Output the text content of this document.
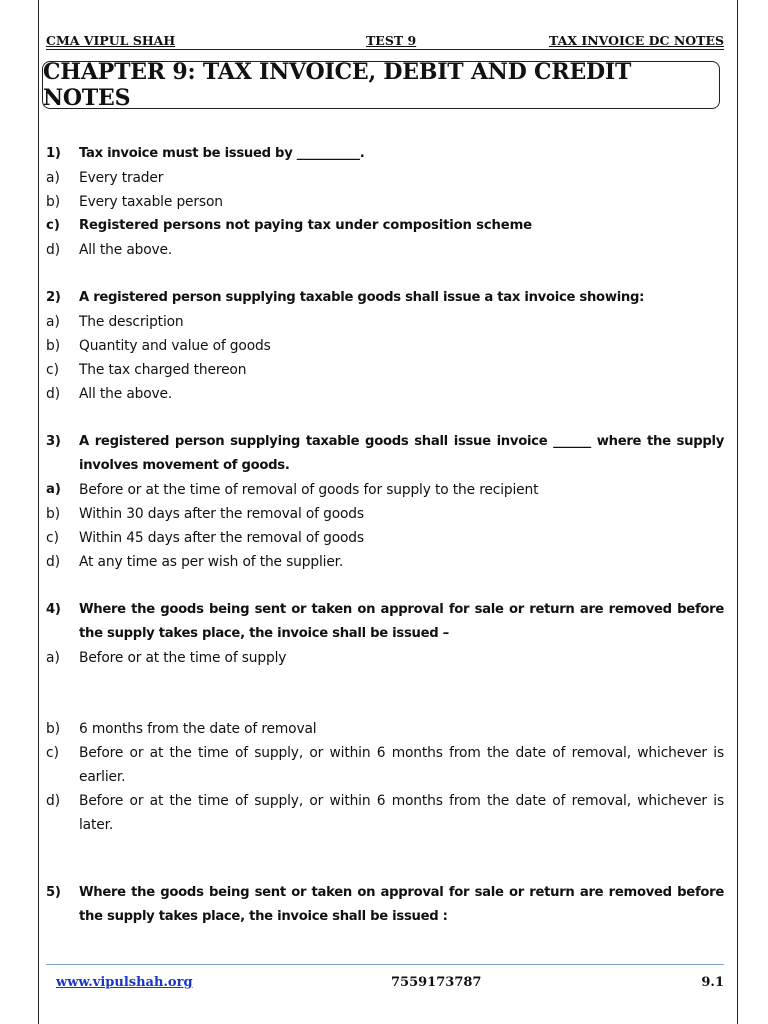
CMA VIPUL SHAH	TEST 9	TAX INVOICE DC NOTES
CHAPTER 9: TAX INVOICE, DEBIT AND CREDIT NOTES
1)	Tax invoice must be issued by __________.
a)	Every trader
b)	Every taxable person
c)	Registered persons not paying tax under composition scheme
d)	All the above.
2)	A registered person supplying taxable goods shall issue a tax invoice showing:
a)	The description
b)	Quantity and value of goods
c)	The tax charged thereon
d)	All the above.
3)	A registered person supplying taxable goods shall issue invoice ______ where the supply involves movement of goods.
a)	Before or at the time of removal of goods for supply to the recipient
b)	Within 30 days after the removal of goods
c)	Within 45 days after the removal of goods
d)	At any time as per wish of the supplier.
4)	Where the goods being sent or taken on approval for sale or return are removed before the supply takes place, the invoice shall be issued –
a)	Before or at the time of supply
b)	6 months from the date of removal
c)	Before or at the time of supply, or within 6 months from the date of removal, whichever is earlier.
d)	Before or at the time of supply, or within 6 months from the date of removal, whichever is later.
5)	Where the goods being sent or taken on approval for sale or return are removed before the supply takes place, the invoice shall be issued :
www.vipulshah.org	7559173787	9.1
